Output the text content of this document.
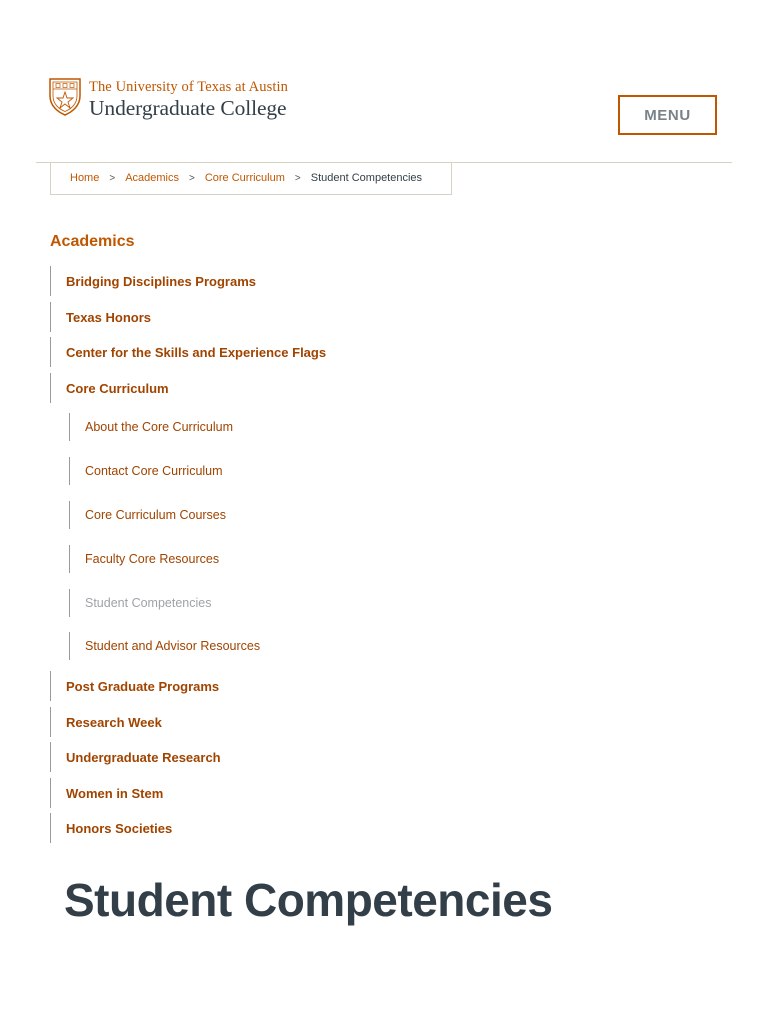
The University of Texas at Austin
Undergraduate College	MENU
Home > Academics > Core Curriculum > Student Competencies
Academics
Bridging Disciplines Programs
Texas Honors
Center for the Skills and Experience Flags
Core Curriculum
About the Core Curriculum
Contact Core Curriculum
Core Curriculum Courses
Faculty Core Resources
Student Competencies
Student and Advisor Resources
Post Graduate Programs
Research Week
Undergraduate Research
Women in Stem
Honors Societies
Student Competencies
